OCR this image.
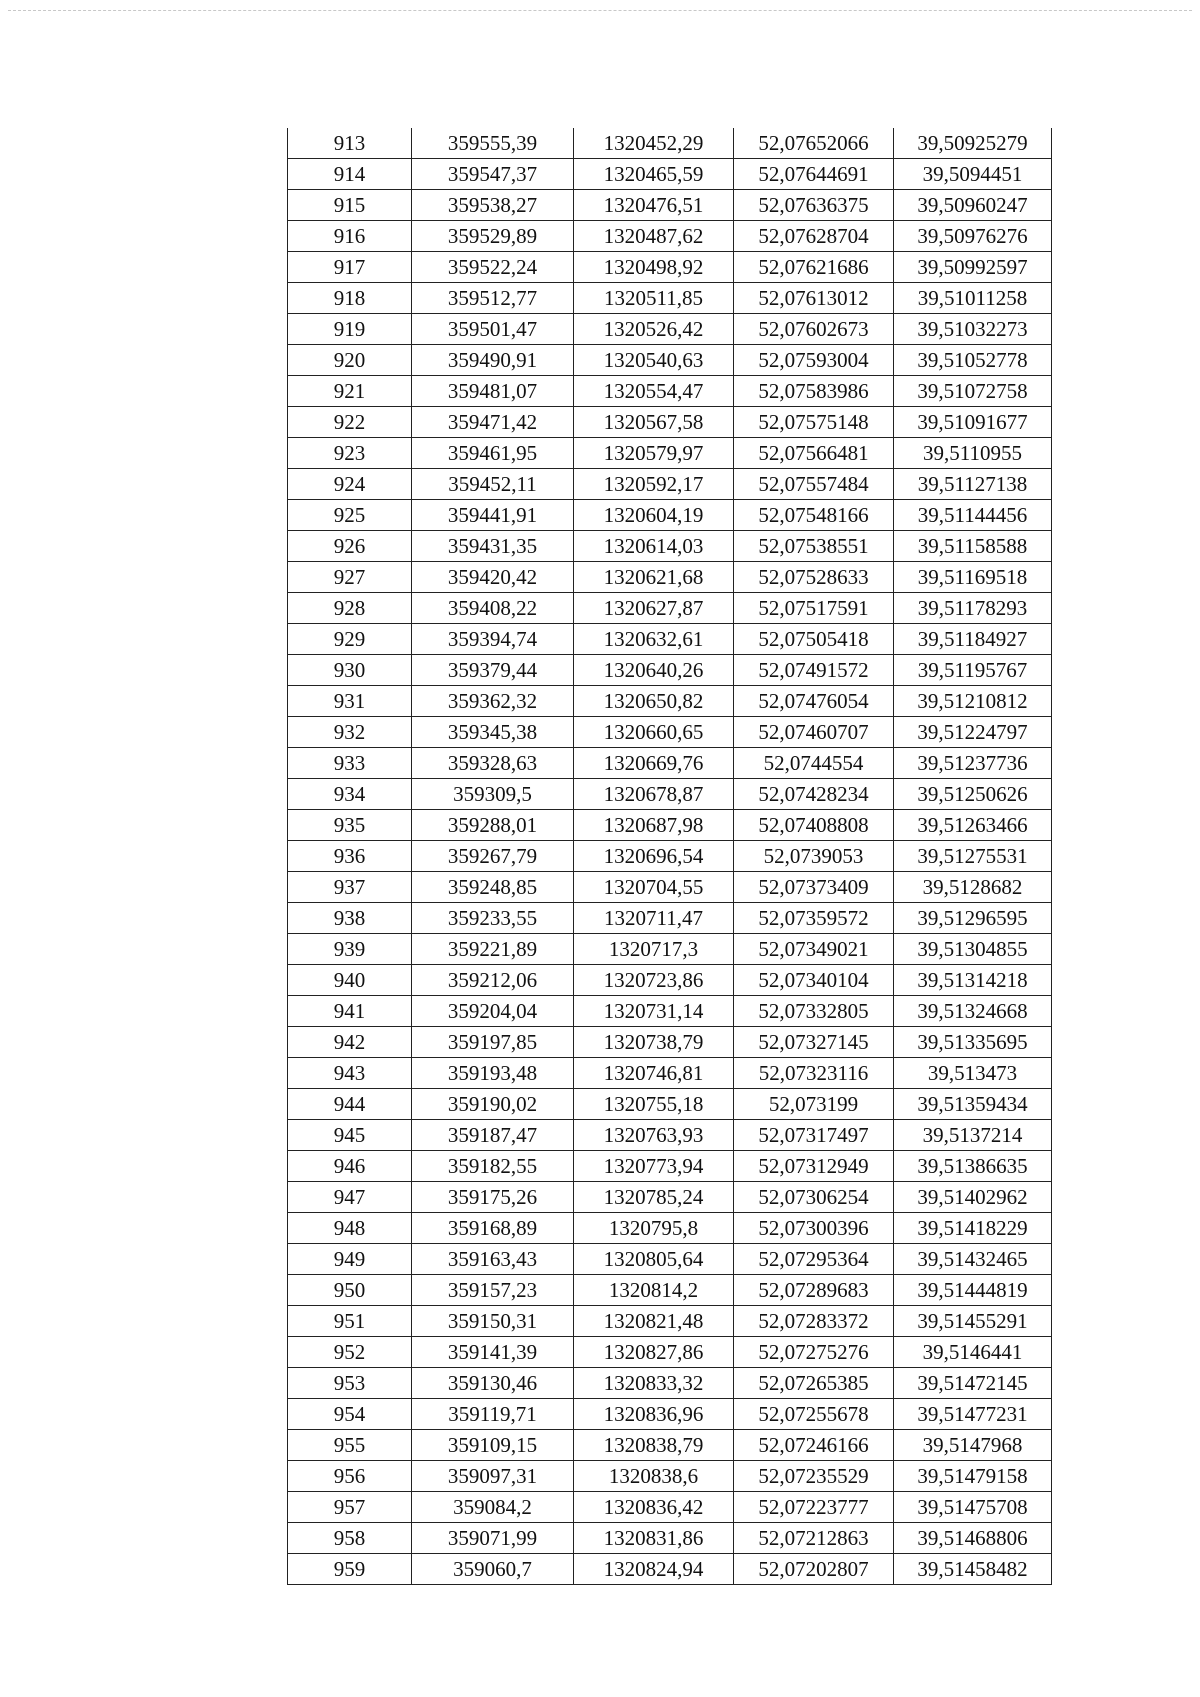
913	359555,39	1320452,29	52,07652066	39,50925279
914	359547,37	1320465,59	52,07644691	39,5094451
915	359538,27	1320476,51	52,07636375	39,50960247
916	359529,89	1320487,62	52,07628704	39,50976276
917	359522,24	1320498,92	52,07621686	39,50992597
918	359512,77	1320511,85	52,07613012	39,51011258
919	359501,47	1320526,42	52,07602673	39,51032273
920	359490,91	1320540,63	52,07593004	39,51052778
921	359481,07	1320554,47	52,07583986	39,51072758
922	359471,42	1320567,58	52,07575148	39,51091677
923	359461,95	1320579,97	52,07566481	39,5110955
924	359452,11	1320592,17	52,07557484	39,51127138
925	359441,91	1320604,19	52,07548166	39,51144456
926	359431,35	1320614,03	52,07538551	39,51158588
927	359420,42	1320621,68	52,07528633	39,51169518
928	359408,22	1320627,87	52,07517591	39,51178293
929	359394,74	1320632,61	52,07505418	39,51184927
930	359379,44	1320640,26	52,07491572	39,51195767
931	359362,32	1320650,82	52,07476054	39,51210812
932	359345,38	1320660,65	52,07460707	39,51224797
933	359328,63	1320669,76	52,0744554	39,51237736
934	359309,5	1320678,87	52,07428234	39,51250626
935	359288,01	1320687,98	52,07408808	39,51263466
936	359267,79	1320696,54	52,0739053	39,51275531
937	359248,85	1320704,55	52,07373409	39,5128682
938	359233,55	1320711,47	52,07359572	39,51296595
939	359221,89	1320717,3	52,07349021	39,51304855
940	359212,06	1320723,86	52,07340104	39,51314218
941	359204,04	1320731,14	52,07332805	39,51324668
942	359197,85	1320738,79	52,07327145	39,51335695
943	359193,48	1320746,81	52,07323116	39,513473
944	359190,02	1320755,18	52,073199	39,51359434
945	359187,47	1320763,93	52,07317497	39,5137214
946	359182,55	1320773,94	52,07312949	39,51386635
947	359175,26	1320785,24	52,07306254	39,51402962
948	359168,89	1320795,8	52,07300396	39,51418229
949	359163,43	1320805,64	52,07295364	39,51432465
950	359157,23	1320814,2	52,07289683	39,51444819
951	359150,31	1320821,48	52,07283372	39,51455291
952	359141,39	1320827,86	52,07275276	39,5146441
953	359130,46	1320833,32	52,07265385	39,51472145
954	359119,71	1320836,96	52,07255678	39,51477231
955	359109,15	1320838,79	52,07246166	39,5147968
956	359097,31	1320838,6	52,07235529	39,51479158
957	359084,2	1320836,42	52,07223777	39,51475708
958	359071,99	1320831,86	52,07212863	39,51468806
959	359060,7	1320824,94	52,07202807	39,51458482
